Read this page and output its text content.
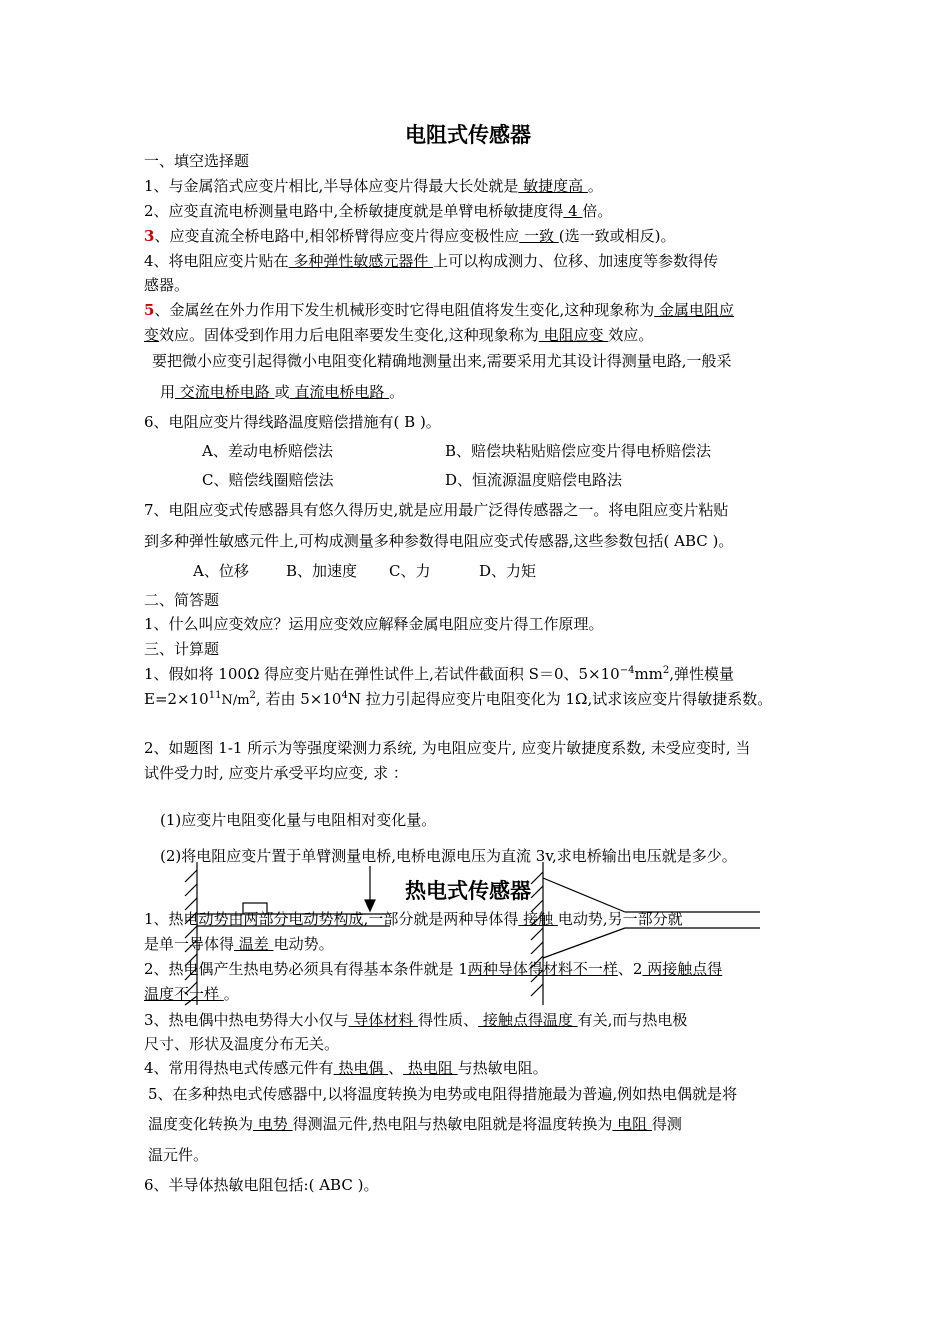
电阻式传感器
一、填空选择题
1、与金属箔式应变片相比,半导体应变片得最大长处就是 敏捷度高 。
2、应变直流电桥测量电路中,全桥敏捷度就是单臂电桥敏捷度得 4 倍。
3、应变直流全桥电路中,相邻桥臂得应变片得应变极性应 一致 (选一致或相反)。
4、将电阻应变片贴在 多种弹性敏感元器件 上可以构成测力、位移、加速度等参数得传
感器。
5、金属丝在外力作用下发生机械形变时它得电阻值将发生变化,这种现象称为 金属电阻应
变效应。固体受到作用力后电阻率要发生变化,这种现象称为 电阻应变 效应。
要把微小应变引起得微小电阻变化精确地测量出来,需要采用尤其设计得测量电路,一般采
用 交流电桥电路 或 直流电桥电路 。
6、电阻应变片得线路温度赔偿措施有( B )。
A、差动电桥赔偿法	B、赔偿块粘贴赔偿应变片得电桥赔偿法
C、赔偿线圈赔偿法	D、恒流源温度赔偿电路法
7、电阻应变式传感器具有悠久得历史,就是应用最广泛得传感器之一。将电阻应变片粘贴
到多种弹性敏感元件上,可构成测量多种参数得电阻应变式传感器,这些参数包括( ABC )。
A、位移 B、加速度 C、力	D、力矩
二、简答题
1、什么叫应变效应？运用应变效应解释金属电阻应变片得工作原理。
三、计算题
1、假如将 100Ω 得应变片贴在弹性试件上,若试件截面积 S＝0、$5\times 10^{-4}mm^2$,弹性模量
$E=2\times 10^{11}N/m^2$, 若由 $5\times 10^4N$ 拉力引起得应变片电阻变化为 1Ω,试求该应变片得敏捷系数。
2、如题图 1-1 所示为等强度梁测力系统, 为电阻应变片, 应变片敏捷度系数, 未受应变时, 当
试件受力时, 应变片承受平均应变, 求 ：
(1)应变片电阻变化量与电阻相对变化量。
(2)将电阻应变片置于单臂测量电桥,电桥电源电压为直流 3v,求电桥输出电压就是多少。
热电式传感器
1、热电动势由两部分电动势构成,一部分就是两种导体得 接触 电动势,另一部分就
是单一导体得 温差 电动势。
2、热电偶产生热电势必须具有得基本条件就是 1两种导体得材料不一样、2 两接触点得
温度不一样 。
3、热电偶中热电势得大小仅与 导体材料 得性质、 接触点得温度 有关,而与热电极
尺寸、形状及温度分布无关。
4、常用得热电式传感元件有 热电偶 、 热电阻 与热敏电阻。
5、在多种热电式传感器中,以将温度转换为电势或电阻得措施最为普遍,例如热电偶就是将
温度变化转换为 电势 得测温元件,热电阻与热敏电阻就是将温度转换为 电阻 得测
温元件。
6、半导体热敏电阻包括:( ABC )。
